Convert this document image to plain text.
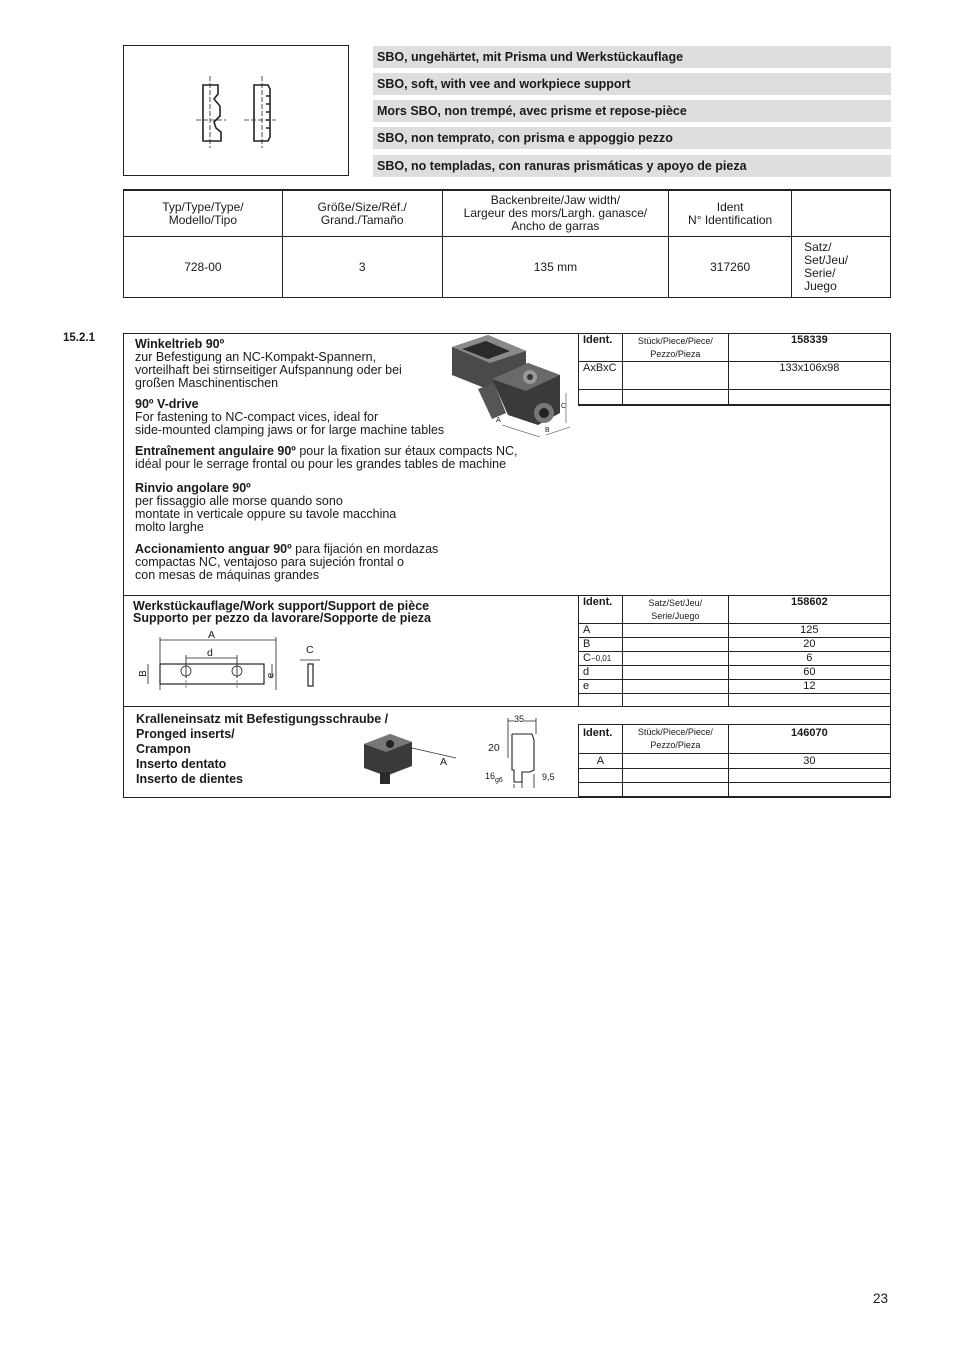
SBO, ungehärtet, mit Prisma und Werkstückauflage
SBO, soft, with vee and workpiece support
Mors SBO, non trempé, avec prisme et repose-pièce
SBO, non temprato, con prisma e appoggio pezzo
SBO, no templadas, con ranuras prismáticas y apoyo de pieza
Typ/Type/Type/
Modello/Tipo	Größe/Size/Réf./
Grand./Tamaño	Backenbreite/Jaw width/
Largeur des mors/Largh. ganasce/
Ancho de garras	Ident
N° Identification	
728-00	3	135 mm	317260	Satz/
Set/Jeu/
Serie/
Juego
15.2.1	Winkeltrieb 90º
zur Befestigung an NC-Kompakt-Spannern,
vorteilhaft bei stirnseitiger Aufspannung oder bei
großen Maschinentischen
90º V-drive
For fastening to NC-compact vices, ideal for
side-mounted clamping jaws or for large machine tables
Entraînement angulaire 90º pour la fixation sur étaux compacts NC,
idéal pour le serrage frontal ou pour les grandes tables de machine
Rinvio angolare 90º
per fissaggio alle morse quando sono
montate in verticale oppure su tavole macchina
molto larghe
Accionamiento anguar 90º para fijación en mordazas
compactas NC, ventajoso para sujeción frontal o
con mesas de máquinas grandes
A
B
C
Ident.	Stück/Piece/Piece/
Pezzo/Pieza	158339
AxBxC		133x106x98

Werkstückauflage/Work support/Support de pièce
Supporto per pezzo da lavorare/Sopporte de pieza
A
d
B	e
C
Ident.	Satz/Set/Jeu/
Serie/Juego	158602
A		125
B		20
C−0,01		6
d		60
e		12

Kralleneinsatz mit Befestigungsschraube /
Pronged inserts/
Crampon
Inserto dentato
Inserto de dientes
A
35
20
$16_{g6}$	9,5
Ident.	Stück/Piece/Piece/
Pezzo/Pieza	146070
A		30

23
